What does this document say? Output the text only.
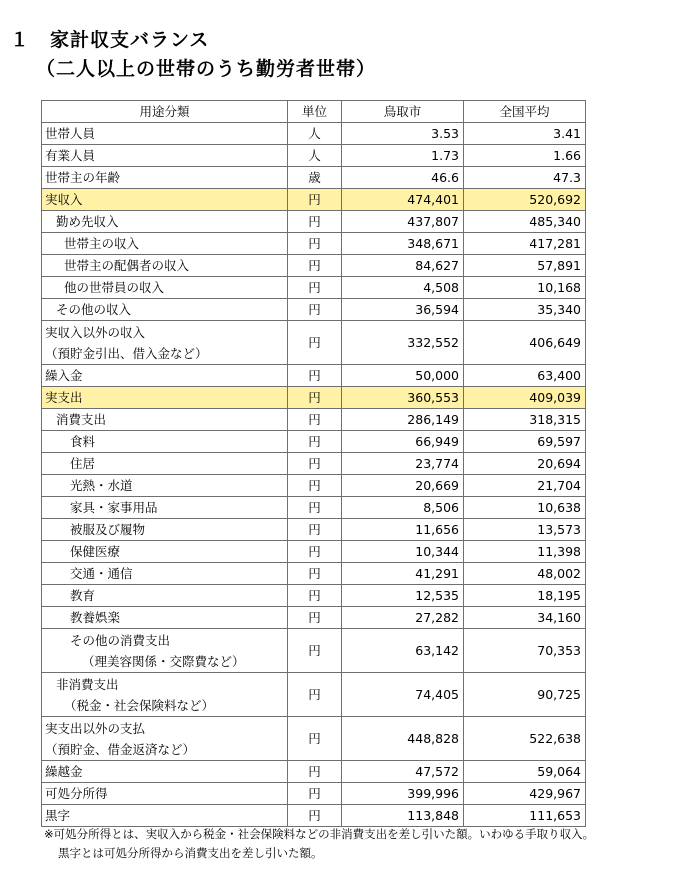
１　家計収支バランス
（二人以上の世帯のうち勤労者世帯）
用途分類	単位	鳥取市	全国平均
世帯人員	人	3.53	3.41
有業人員	人	1.73	1.66
世帯主の年齢	歳	46.6	47.3
実収入	円	474,401	520,692
勤め先収入	円	437,807	485,340
世帯主の収入	円	348,671	417,281
世帯主の配偶者の収入	円	84,627	57,891
他の世帯員の収入	円	4,508	10,168
その他の収入	円	36,594	35,340

実収入以外の収入
（預貯金引出、借入金など）	円	332,552	406,649
繰入金	円	50,000	63,400
実支出	円	360,553	409,039
消費支出	円	286,149	318,315
食料	円	66,949	69,597
住居	円	23,774	20,694
光熱・水道	円	20,669	21,704
家具・家事用品	円	8,506	10,638
被服及び履物	円	11,656	13,573
保健医療	円	10,344	11,398
交通・通信	円	41,291	48,002
教育	円	12,535	18,195
教養娯楽	円	27,282	34,160

その他の消費支出
（理美容関係・交際費など）	円	63,142	70,353

非消費支出
（税金・社会保険料など）	円	74,405	90,725

実支出以外の支払
（預貯金、借金返済など）	円	448,828	522,638
繰越金	円	47,572	59,064
可処分所得	円	399,996	429,967
黒字	円	113,848	111,653
※可処分所得とは、実収入から税金・社会保険料などの非消費支出を差し引いた額。いわゆる手取り収入。
黒字とは可処分所得から消費支出を差し引いた額。
